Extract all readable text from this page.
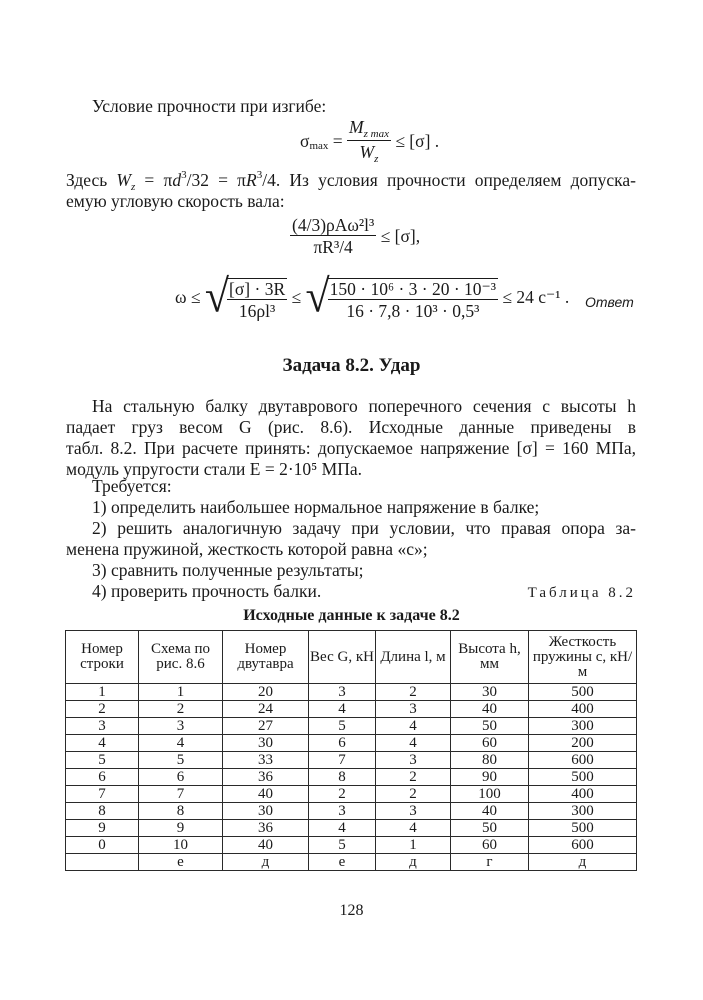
Условие прочности при изгибе:
σ $\max = \frac{M_{z max}}{W_z} \le [\sigma]$ .
Здесь $W_z = \pi d^3/32 = \pi R^3/4$. Из условия прочности определяем допуска-
емую угловую скорость вала:
$\frac{\text{(4/3)ρAω²l³}}{\text{πR³/4}} \le [\sigma]$,
ω ≤ √
$\frac{[\sigma] \cdot 3R}{\text{16ρl³}}$ ≤ √
$\frac{\text{150 · 10⁶ · 3 · 20 · 10⁻³}}{\text{16 · 7,8 · 10³ · 0,5³}} \le 24$ с⁻¹ . Ответ
Задача 8.2. Удар
На стальную балку двутаврового поперечного сечения с высоты h
падает груз весом G (рис. 8.6). Исходные данные приведены в
табл. 8.2. При расчете принять: допускаемое напряжение [σ] = 160 МПа,
модуль упругости стали E = 2·10⁵ МПа.
Требуется:
1) определить наибольшее нормальное напряжение в балке;
2) решить аналогичную задачу при условии, что правая опора за-
менена пружиной, жесткость которой равна «с»;
3) сравнить полученные результаты;
4) проверить прочность балки.	Таблица 8.2
Исходные данные к задаче 8.2
Номер строки	Схема по рис. 8.6	Номер двутавра	Вес G, кН	Длина l, м	Высота h, мм	Жесткость пружины c, кН/м
1	1	20	3	2	30	500
2	2	24	4	3	40	400
3	3	27	5	4	50	300
4	4	30	6	4	60	200
5	5	33	7	3	80	600
6	6	36	8	2	90	500
7	7	40	2	2	100	400
8	8	30	3	3	40	300
9	9	36	4	4	50	500
0	10	40	5	1	60	600
	е	д	е	д	г	д
128
